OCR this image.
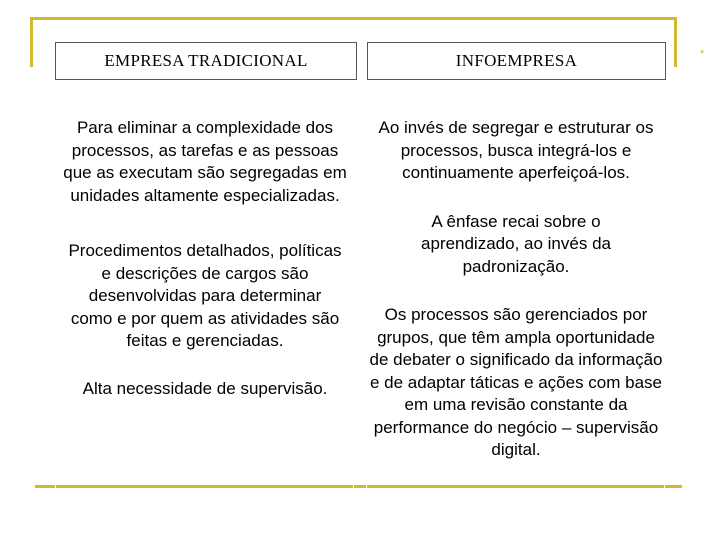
*
EMPRESA TRADICIONAL	INFOEMPRESA

Para eliminar a complexidade dos processos, as tarefas e as pessoas que as executam são segregadas em unidades altamente especializadas.

Procedimentos detalhados, políticas e descrições de cargos são desenvolvidas para determinar como e por quem as atividades são feitas e gerenciadas.

Alta necessidade de supervisão.

Ao invés de segregar e estruturar os processos, busca integrá-los e continuamente aperfeiçoá-los.

A ênfase recai sobre o aprendizado, ao invés da padronização.

Os processos são gerenciados por grupos, que têm ampla oportunidade de debater o significado da informação e de adaptar táticas e ações com base em uma revisão constante da performance do negócio – supervisão digital.
